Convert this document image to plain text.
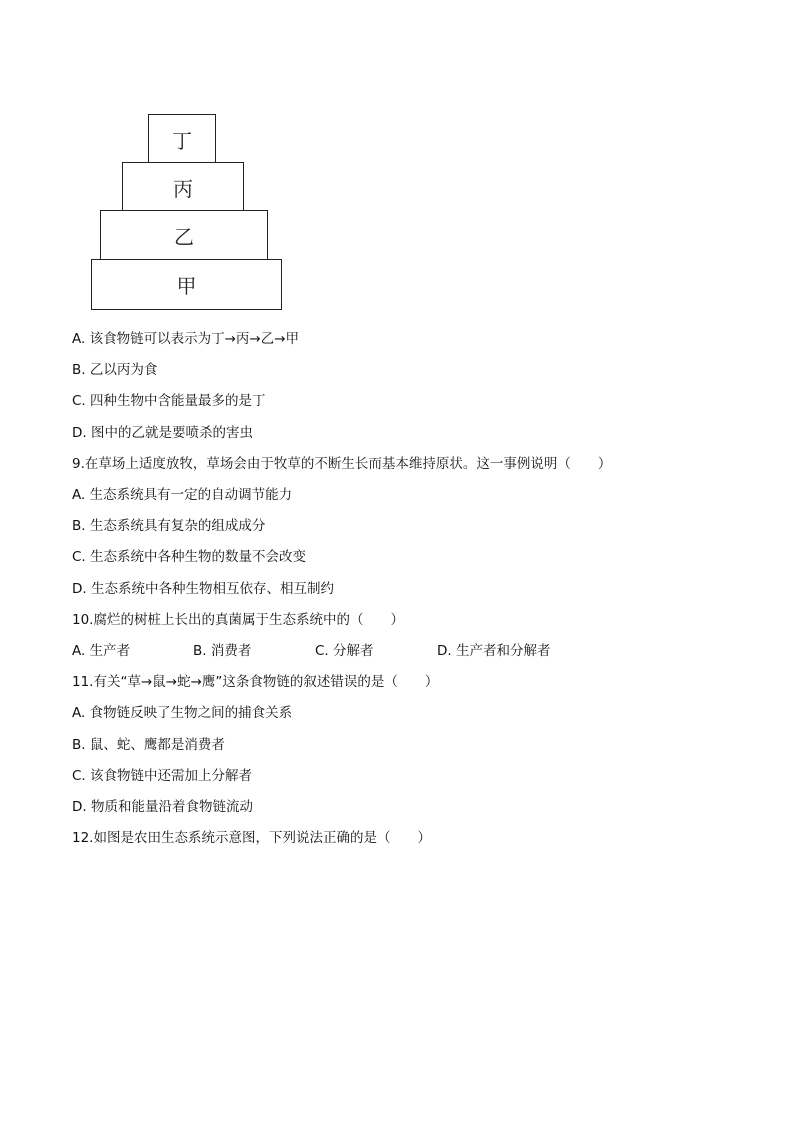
丁
丙
乙
甲
A. 该食物链可以表示为丁→丙→乙→甲
B. 乙以丙为食
C. 四种生物中含能量最多的是丁
D. 图中的乙就是要喷杀的害虫
9.在草场上适度放牧，草场会由于牧草的不断生长而基本维持原状。这一事例说明（　　）
A. 生态系统具有一定的自动调节能力
B. 生态系统具有复杂的组成成分
C. 生态系统中各种生物的数量不会改变
D. 生态系统中各种生物相互依存、相互制约
10.腐烂的树桩上长出的真菌属于生态系统中的（　　）
A. 生产者	B. 消费者	C. 分解者	D. 生产者和分解者
11.有关“草→鼠→蛇→鹰”这条食物链的叙述错误的是（　　）
A. 食物链反映了生物之间的捕食关系
B. 鼠、蛇、鹰都是消费者
C. 该食物链中还需加上分解者
D. 物质和能量沿着食物链流动
12.如图是农田生态系统示意图，下列说法正确的是（　　）
